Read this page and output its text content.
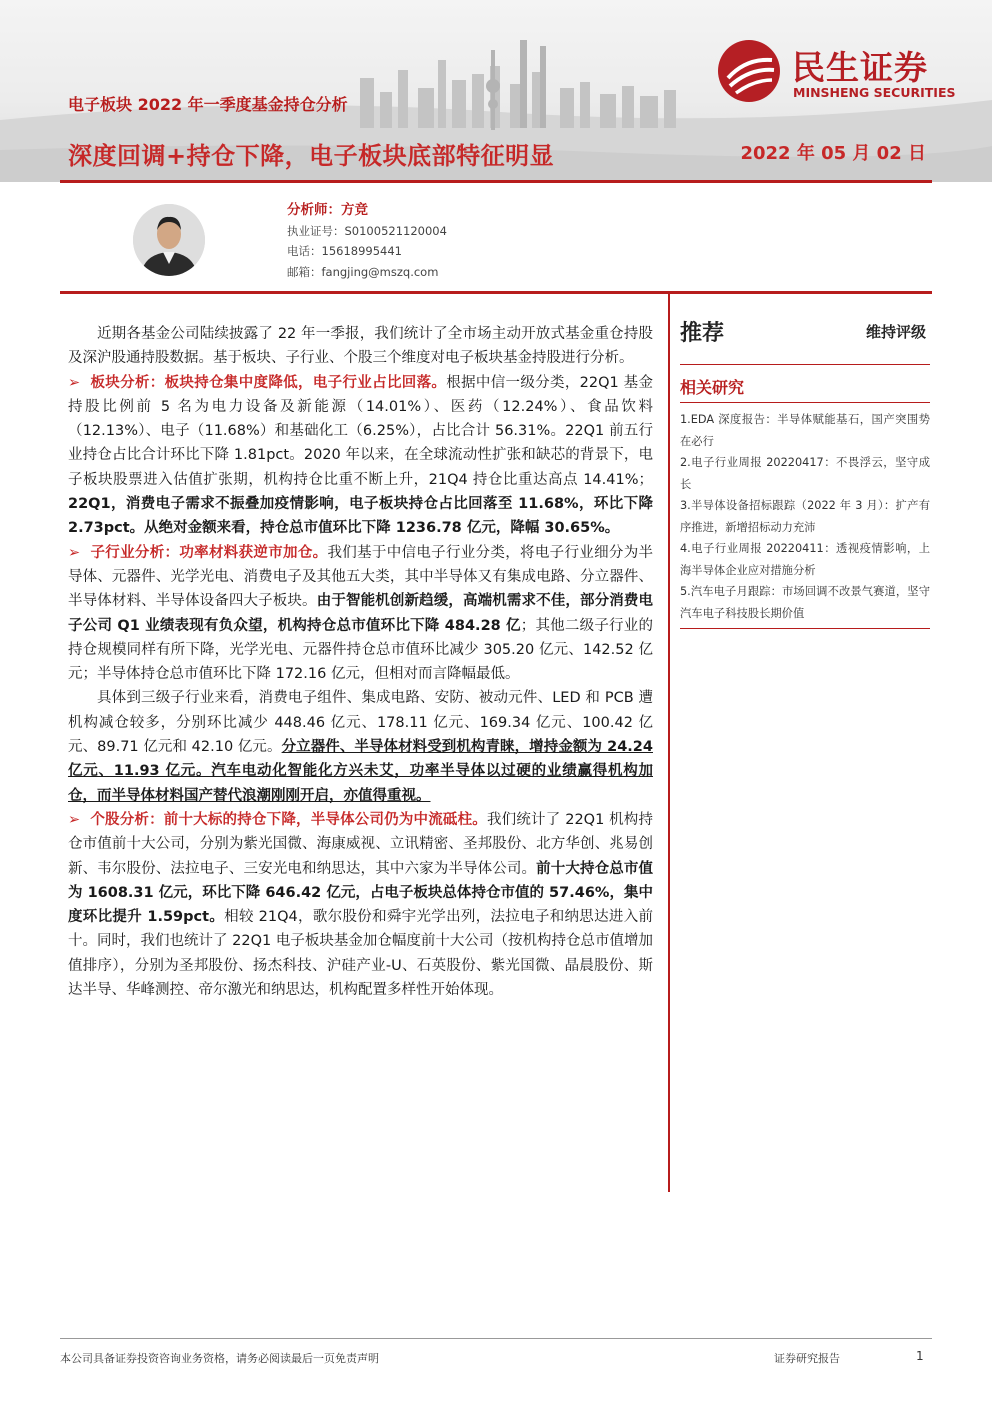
电子板块 2022 年一季度基金持仓分析
深度回调+持仓下降，电子板块底部特征明显	2022 年 05 月 02 日
民生证券
MINSHENG SECURITIES
分析师：方竞
执业证号：S0100521120004
电话：15618995441
邮箱：fangjing@mszq.com

近期各基金公司陆续披露了 22 年一季报，我们统计了全市场主动开放式基金重仓持股及深沪股通持股数据。基于板块、子行业、个股三个维度对电子板块基金持股进行分析。

➢ 板块分析：板块持仓集中度降低，电子行业占比回落。根据中信一级分类，22Q1 基金持股比例前 5 名为电力设备及新能源（14.01%）、医药（12.24%）、食品饮料（12.13%）、电子（11.68%）和基础化工（6.25%），占比合计 56.31%。22Q1 前五行业持仓占比合计环比下降 1.81pct。2020 年以来，在全球流动性扩张和缺芯的背景下，电子板块股票进入估值扩张期，机构持仓比重不断上升，21Q4 持仓比重达高点 14.41%；22Q1，消费电子需求不振叠加疫情影响，电子板块持仓占比回落至 11.68%，环比下降 2.73pct。从绝对金额来看，持仓总市值环比下降 1236.78 亿元，降幅 30.65%。

➢ 子行业分析：功率材料获逆市加仓。我们基于中信电子行业分类，将电子行业细分为半导体、元器件、光学光电、消费电子及其他五大类，其中半导体又有集成电路、分立器件、半导体材料、半导体设备四大子板块。由于智能机创新趋缓，高端机需求不佳，部分消费电子公司 Q1 业绩表现有负众望，机构持仓总市值环比下降 484.28 亿；其他二级子行业的持仓规模同样有所下降，光学光电、元器件持仓总市值环比减少 305.20 亿元、142.52 亿元；半导体持仓总市值环比下降 172.16 亿元，但相对而言降幅最低。

具体到三级子行业来看，消费电子组件、集成电路、安防、被动元件、LED 和 PCB 遭机构减仓较多，分别环比减少 448.46 亿元、178.11 亿元、169.34 亿元、100.42 亿元、89.71 亿元和 42.10 亿元。分立器件、半导体材料受到机构青睐，增持金额为 24.24 亿元、11.93 亿元。汽车电动化智能化方兴未艾，功率半导体以过硬的业绩赢得机构加仓，而半导体材料国产替代浪潮刚刚开启，亦值得重视。

➢ 个股分析：前十大标的持仓下降，半导体公司仍为中流砥柱。我们统计了 22Q1 机构持仓市值前十大公司，分别为紫光国微、海康威视、立讯精密、圣邦股份、北方华创、兆易创新、韦尔股份、法拉电子、三安光电和纳思达，其中六家为半导体公司。前十大持仓总市值为 1608.31 亿元，环比下降 646.42 亿元，占电子板块总体持仓市值的 57.46%，集中度环比提升 1.59pct。相较 21Q4，歌尔股份和舜宇光学出列，法拉电子和纳思达进入前十。同时，我们也统计了 22Q1 电子板块基金加仓幅度前十大公司（按机构持仓总市值增加值排序），分别为圣邦股份、扬杰科技、沪硅产业-U、石英股份、紫光国微、晶晨股份、斯达半导、华峰测控、帝尔激光和纳思达，机构配置多样性开始体现。

推荐	维持评级
相关研究
1.EDA 深度报告：半导体赋能基石，国产突围势在必行
2.电子行业周报 20220417：不畏浮云，坚守成长
3.半导体设备招标跟踪（2022 年 3 月）：扩产有序推进，新增招标动力充沛
4.电子行业周报 20220411：透视疫情影响，上海半导体企业应对措施分析
5.汽车电子月跟踪：市场回调不改景气赛道，坚守汽车电子科技股长期价值
本公司具备证券投资咨询业务资格，请务必阅读最后一页免责声明	证券研究报告	1
